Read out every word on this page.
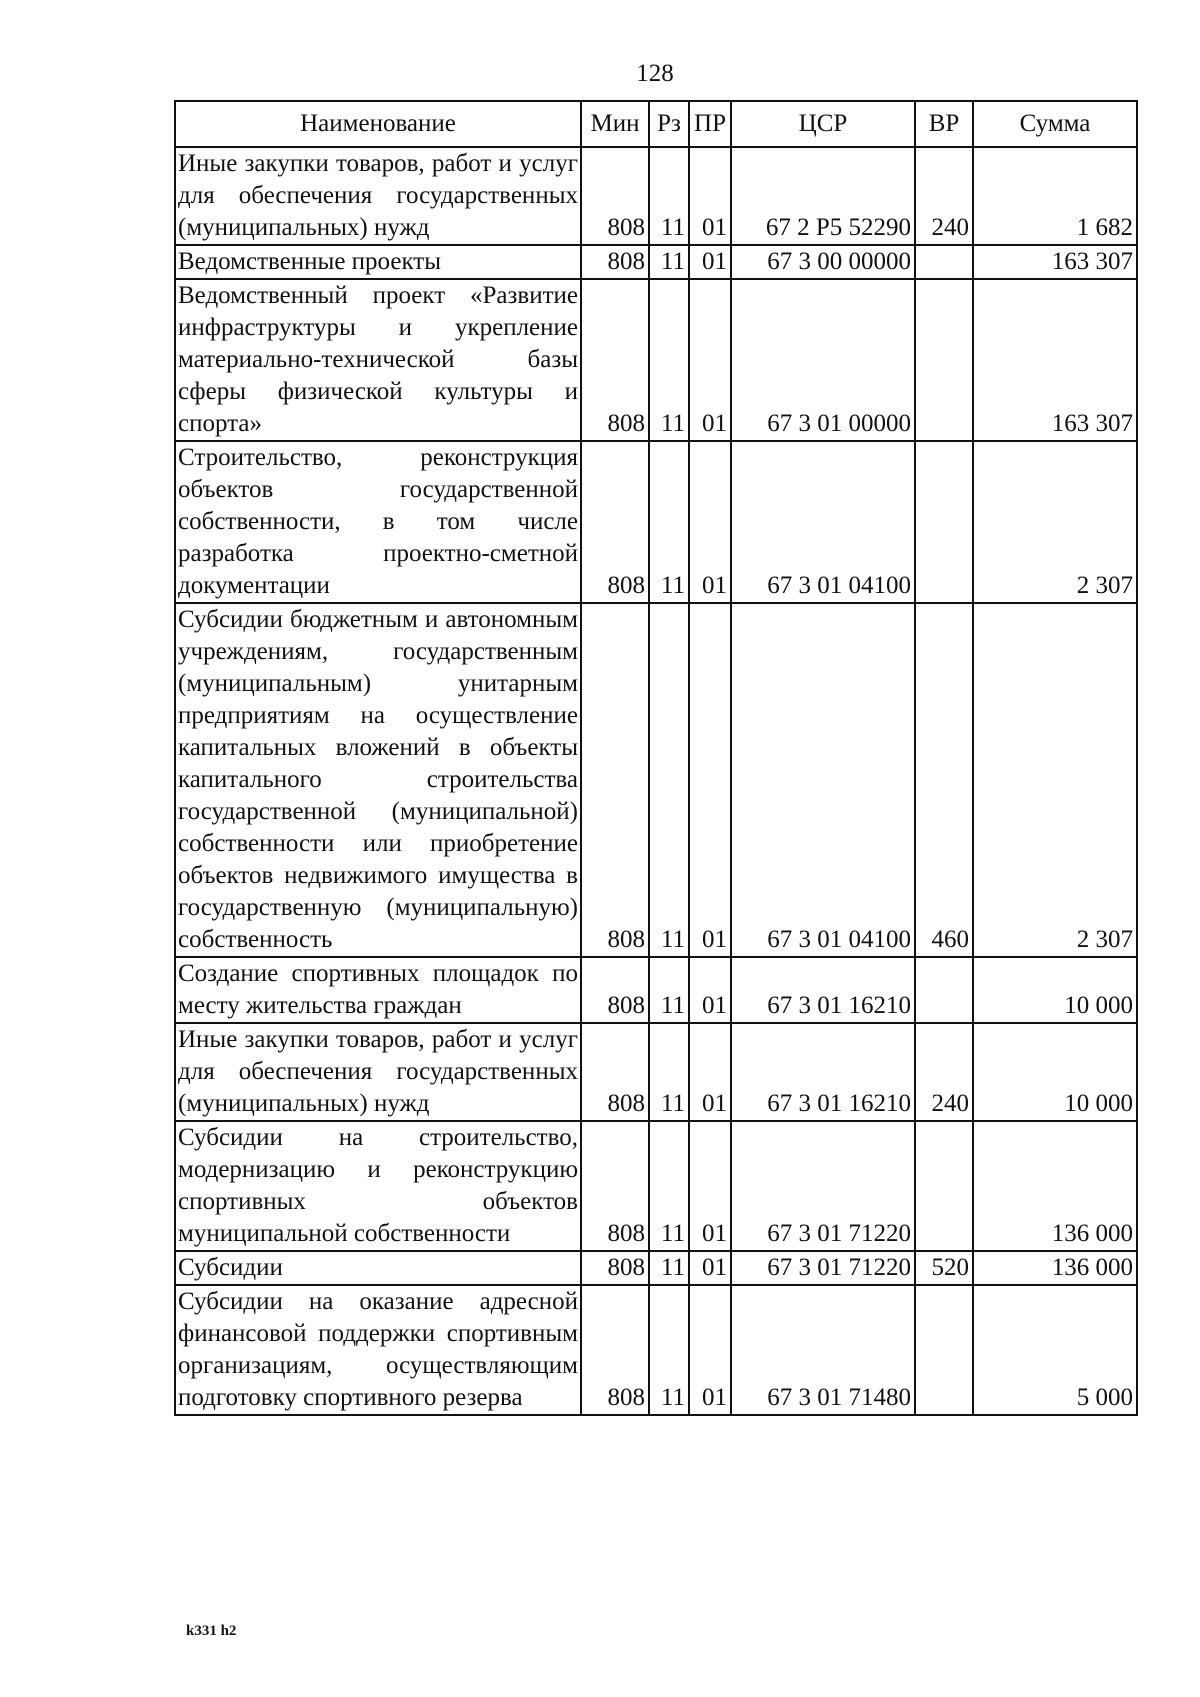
128
Наименование	Мин	Рз	ПР	ЦСР	ВР	Сумма
Иные закупки товаров, работ и услуг для обеспечения государственных (муниципальных) нужд	808	11	01	67 2 Р5 52290	240	1 682
Ведомственные проекты	808	11	01	67 3 00 00000		163 307
Ведомственный проект «Развитие инфраструктуры и укрепление материально-технической базы сферы физической культуры и спорта»	808	11	01	67 3 01 00000		163 307
Строительство, реконструкция объектов государственной собственности, в том числе разработка проектно-сметной документации	808	11	01	67 3 01 04100		2 307
Субсидии бюджетным и автономным учреждениям, государственным (муниципальным) унитарным предприятиям на осуществление капитальных вложений в объекты капитального строительства государственной (муниципальной) собственности или приобретение объектов недвижимого имущества в государственную (муниципальную) собственность	808	11	01	67 3 01 04100	460	2 307
Создание спортивных площадок по месту жительства граждан	808	11	01	67 3 01 16210		10 000
Иные закупки товаров, работ и услуг для обеспечения государственных (муниципальных) нужд	808	11	01	67 3 01 16210	240	10 000
Субсидии на строительство, модернизацию и реконструкцию спортивных объектов муниципальной собственности	808	11	01	67 3 01 71220		136 000
Субсидии	808	11	01	67 3 01 71220	520	136 000
Субсидии на оказание адресной финансовой поддержки спортивным организациям, осуществляющим подготовку спортивного резерва	808	11	01	67 3 01 71480		5 000
k331 h2
